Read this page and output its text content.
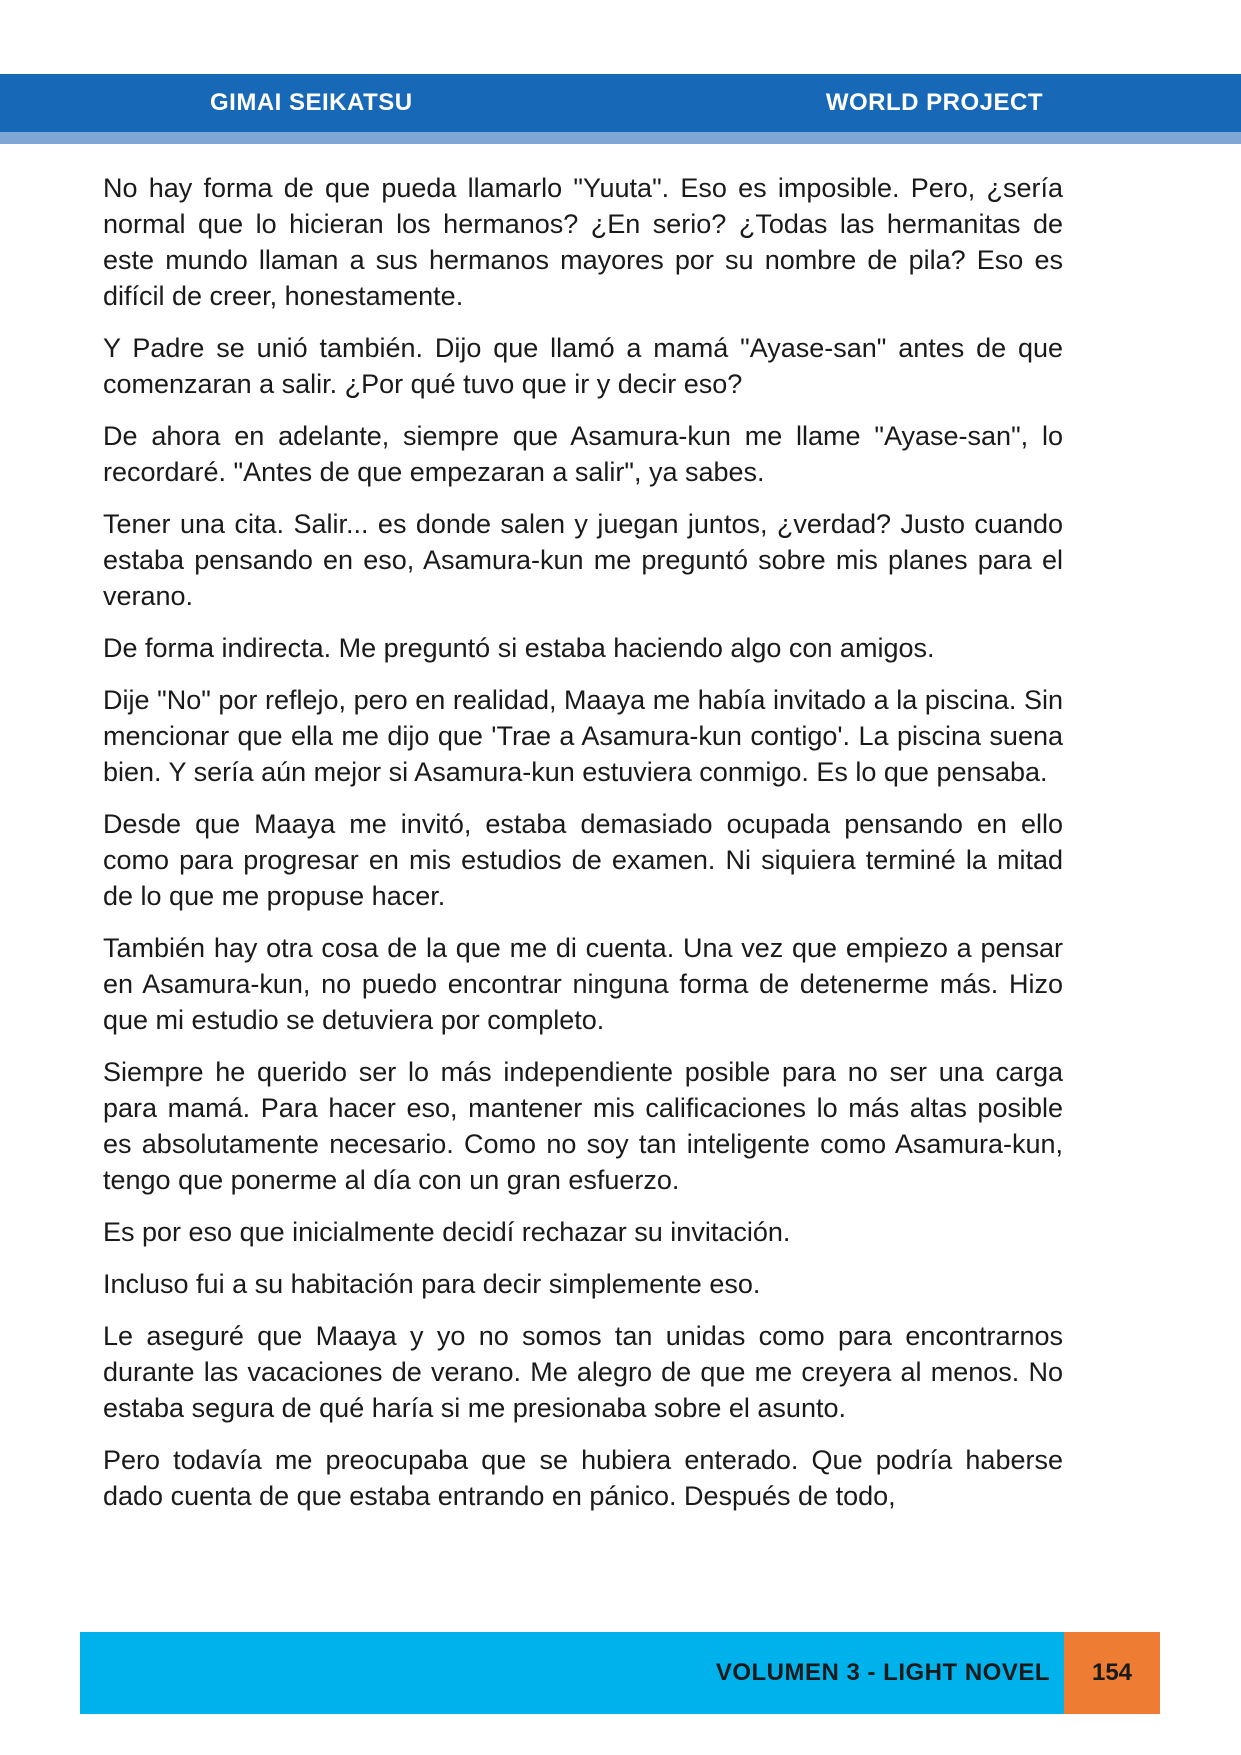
GIMAI SEIKATSU	WORLD PROJECT

No hay forma de que pueda llamarlo "Yuuta". Eso es imposible. Pero, ¿sería normal que lo hicieran los hermanos? ¿En serio? ¿Todas las hermanitas de este mundo llaman a sus hermanos mayores por su nombre de pila? Eso es difícil de creer, honestamente.

Y Padre se unió también. Dijo que llamó a mamá "Ayase-san" antes de que comenzaran a salir. ¿Por qué tuvo que ir y decir eso?

De ahora en adelante, siempre que Asamura-kun me llame "Ayase-san", lo recordaré. "Antes de que empezaran a salir", ya sabes.

Tener una cita. Salir... es donde salen y juegan juntos, ¿verdad? Justo cuando estaba pensando en eso, Asamura-kun me preguntó sobre mis planes para el verano.

De forma indirecta. Me preguntó si estaba haciendo algo con amigos.

Dije "No" por reflejo, pero en realidad, Maaya me había invitado a la piscina. Sin mencionar que ella me dijo que 'Trae a Asamura-kun contigo'. La piscina suena bien. Y sería aún mejor si Asamura-kun estuviera conmigo. Es lo que pensaba.

Desde que Maaya me invitó, estaba demasiado ocupada pensando en ello como para progresar en mis estudios de examen. Ni siquiera terminé la mitad de lo que me propuse hacer.

También hay otra cosa de la que me di cuenta. Una vez que empiezo a pensar en Asamura-kun, no puedo encontrar ninguna forma de detenerme más. Hizo que mi estudio se detuviera por completo.

Siempre he querido ser lo más independiente posible para no ser una carga para mamá. Para hacer eso, mantener mis calificaciones lo más altas posible es absolutamente necesario. Como no soy tan inteligente como Asamura-kun, tengo que ponerme al día con un gran esfuerzo.

Es por eso que inicialmente decidí rechazar su invitación.

Incluso fui a su habitación para decir simplemente eso.

Le aseguré que Maaya y yo no somos tan unidas como para encontrarnos durante las vacaciones de verano. Me alegro de que me creyera al menos. No estaba segura de qué haría si me presionaba sobre el asunto.

Pero todavía me preocupaba que se hubiera enterado. Que podría haberse dado cuenta de que estaba entrando en pánico. Después de todo,

VOLUMEN 3 - LIGHT NOVEL	154
